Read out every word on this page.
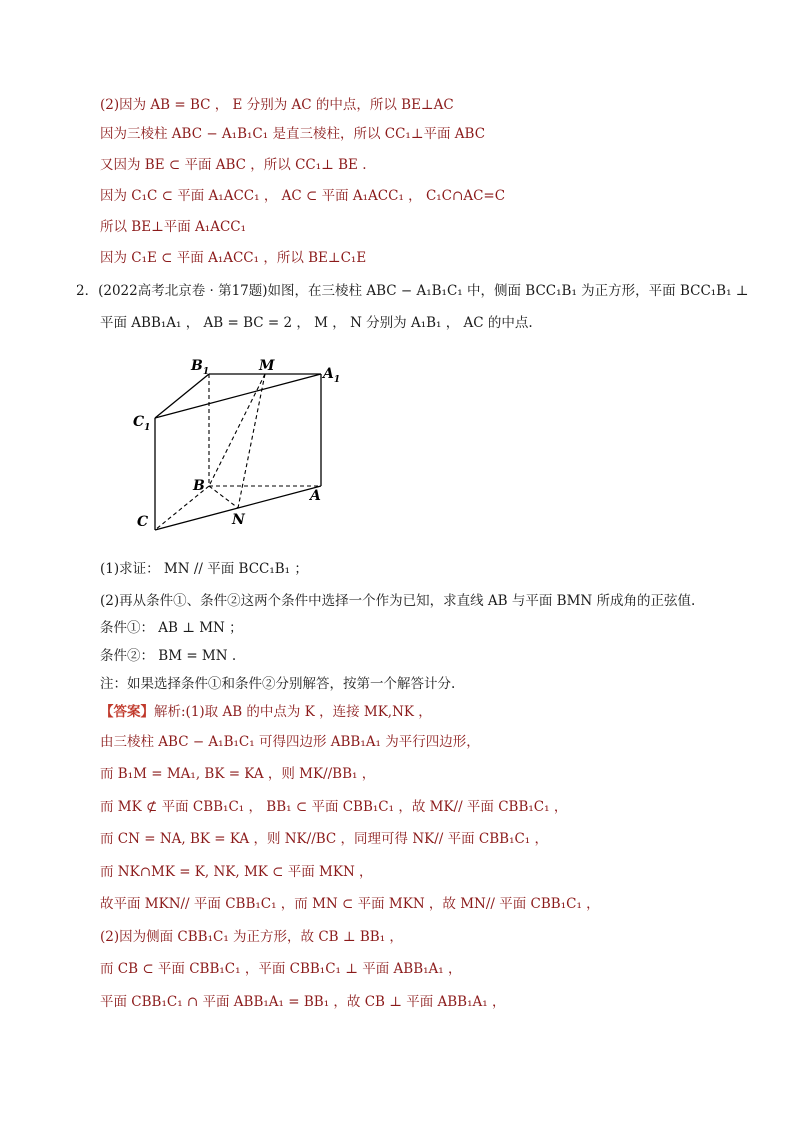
(2)因为 AB = BC ， E 分别为 AC 的中点，所以 BE⊥AC
因为三棱柱 ABC − A₁B₁C₁ 是直三棱柱，所以 CC₁⊥平面 ABC
又因为 BE ⊂ 平面 ABC ，所以 CC₁⊥ BE .
因为 C₁C ⊂ 平面 A₁ACC₁ ， AC ⊂ 平面 A₁ACC₁ ， C₁C∩AC=C
所以 BE⊥平面 A₁ACC₁
因为 C₁E ⊂ 平面 A₁ACC₁ ，所以 BE⊥C₁E
2．(2022高考北京卷 · 第17题)如图，在三棱柱 ABC − A₁B₁C₁ 中，侧面 BCC₁B₁ 为正方形，平面 BCC₁B₁ ⊥
平面 ABB₁A₁ ， AB = BC = 2 ， M ， N 分别为 A₁B₁ ， AC 的中点.
$B_1$	M	$A_1$
$C_1$
B
A
N
C
(1)求证： MN // 平面 BCC₁B₁ ；
(2)再从条件①、条件②这两个条件中选择一个作为已知，求直线 AB 与平面 BMN 所成角的正弦值.
条件①： AB ⊥ MN ；
条件②： BM = MN .
注：如果选择条件①和条件②分别解答，按第一个解答计分.
【答案】解析:(1)取 AB 的中点为 K ，连接 MK,NK ，
由三棱柱 ABC − A₁B₁C₁ 可得四边形 ABB₁A₁ 为平行四边形，
而 B₁M = MA₁, BK = KA ，则 MK//BB₁ ，
而 MK ⊄ 平面 CBB₁C₁ ， BB₁ ⊂ 平面 CBB₁C₁ ，故 MK// 平面 CBB₁C₁ ，
而 CN = NA, BK = KA ，则 NK//BC ，同理可得 NK// 平面 CBB₁C₁ ，
而 NK∩MK = K, NK, MK ⊂ 平面 MKN ，
故平面 MKN// 平面 CBB₁C₁ ，而 MN ⊂ 平面 MKN ，故 MN// 平面 CBB₁C₁ ，
(2)因为侧面 CBB₁C₁ 为正方形，故 CB ⊥ BB₁ ，
而 CB ⊂ 平面 CBB₁C₁ ，平面 CBB₁C₁ ⊥ 平面 ABB₁A₁ ，
平面 CBB₁C₁ ∩ 平面 ABB₁A₁ = BB₁ ，故 CB ⊥ 平面 ABB₁A₁ ，
